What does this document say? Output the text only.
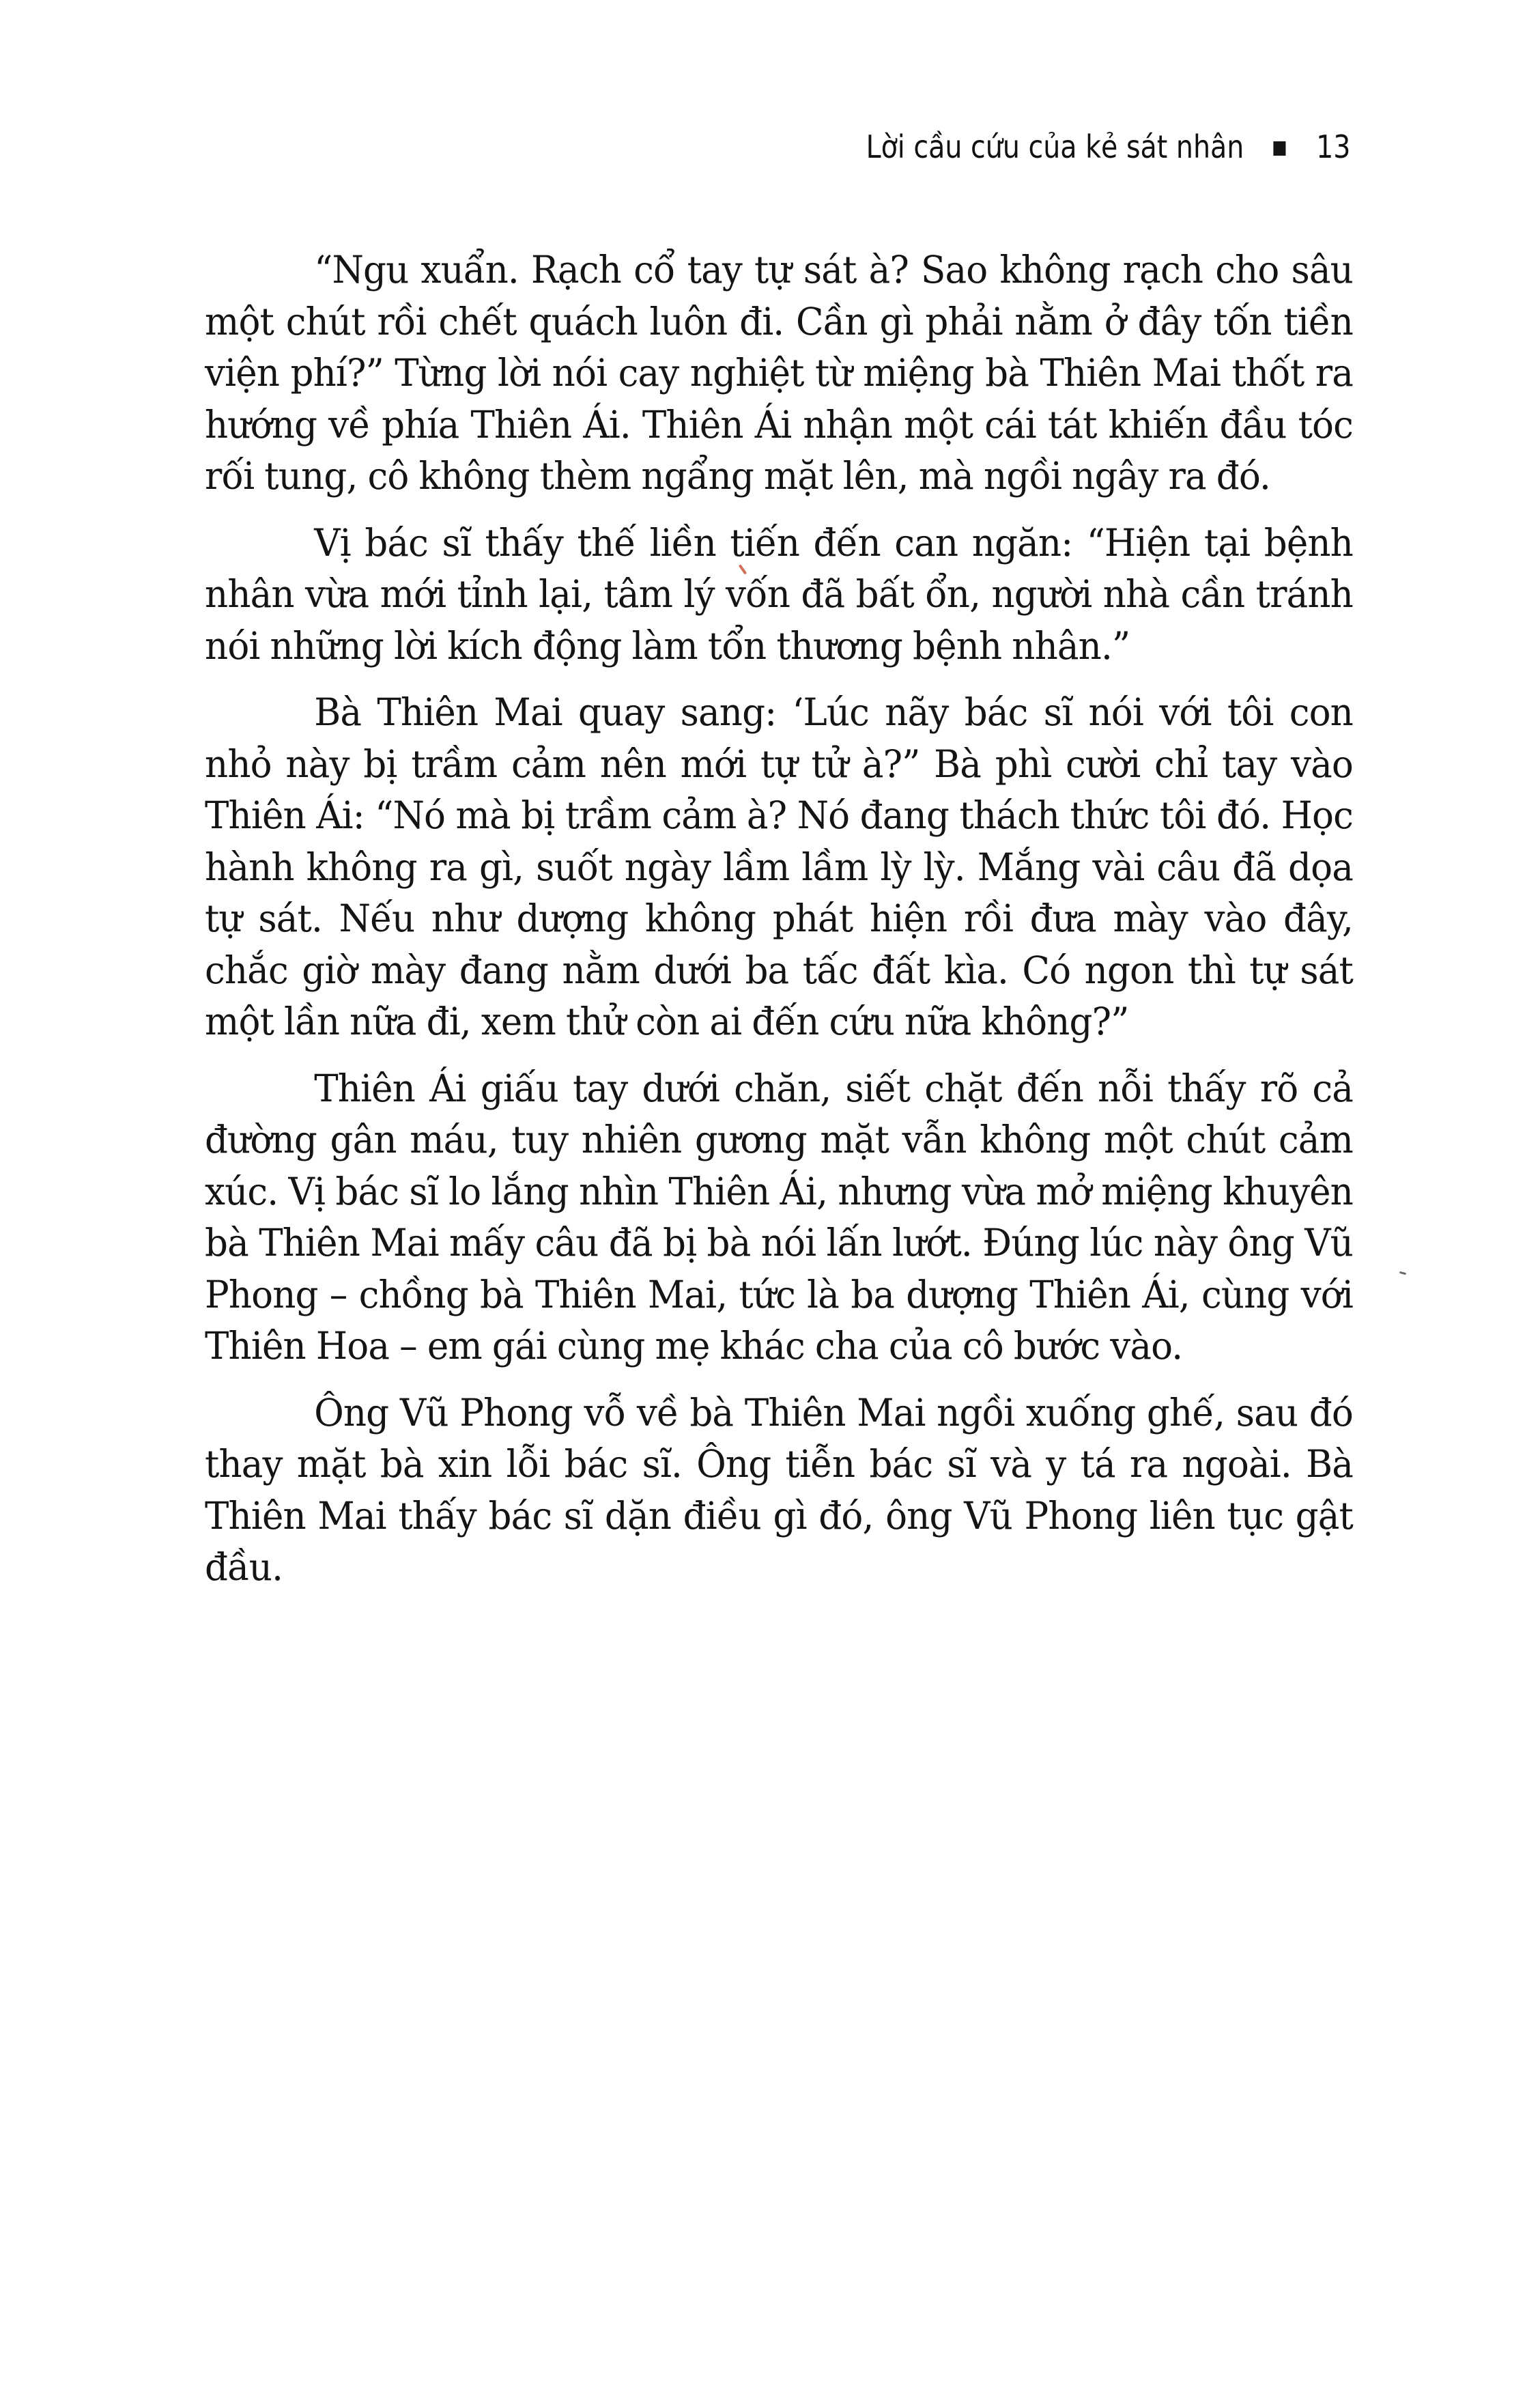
Lời cầu cứu của kẻ sát nhân 13

“Ngu xuẩn. Rạch cổ tay tự sát à? Sao không rạch cho sâu một chút rồi chết quách luôn đi. Cần gì phải nằm ở đây tốn tiền viện phí?” Từng lời nói cay nghiệt từ miệng bà Thiên Mai thốt ra hướng về phía Thiên Ái. Thiên Ái nhận một cái tát khiến đầu tóc rối tung, cô không thèm ngẩng mặt lên, mà ngồi ngây ra đó.

Vị bác sĩ thấy thế liền tiến đến can ngăn: “Hiện tại bệnh nhân vừa mới tỉnh lại, tâm lý vốn đã bất ổn, người nhà cần tránh nói những lời kích động làm tổn thương bệnh nhân.”

Bà Thiên Mai quay sang: ‘Lúc nãy bác sĩ nói với tôi con nhỏ này bị trầm cảm nên mới tự tử à?” Bà phì cười chỉ tay vào Thiên Ái: “Nó mà bị trầm cảm à? Nó đang thách thức tôi đó. Học hành không ra gì, suốt ngày lầm lầm lỳ lỳ. Mắng vài câu đã dọa tự sát. Nếu như dượng không phát hiện rồi đưa mày vào đây, chắc giờ mày đang nằm dưới ba tấc đất kìa. Có ngon thì tự sát một lần nữa đi, xem thử còn ai đến cứu nữa không?”

Thiên Ái giấu tay dưới chăn, siết chặt đến nỗi thấy rõ cả đường gân máu, tuy nhiên gương mặt vẫn không một chút cảm xúc. Vị bác sĩ lo lắng nhìn Thiên Ái, nhưng vừa mở miệng khuyên bà Thiên Mai mấy câu đã bị bà nói lấn lướt. Đúng lúc này ông Vũ Phong – chồng bà Thiên Mai, tức là ba dượng Thiên Ái, cùng với Thiên Hoa – em gái cùng mẹ khác cha của cô bước vào.

Ông Vũ Phong vỗ về bà Thiên Mai ngồi xuống ghế, sau đó thay mặt bà xin lỗi bác sĩ. Ông tiễn bác sĩ và y tá ra ngoài. Bà Thiên Mai thấy bác sĩ dặn điều gì đó, ông Vũ Phong liên tục gật đầu.
